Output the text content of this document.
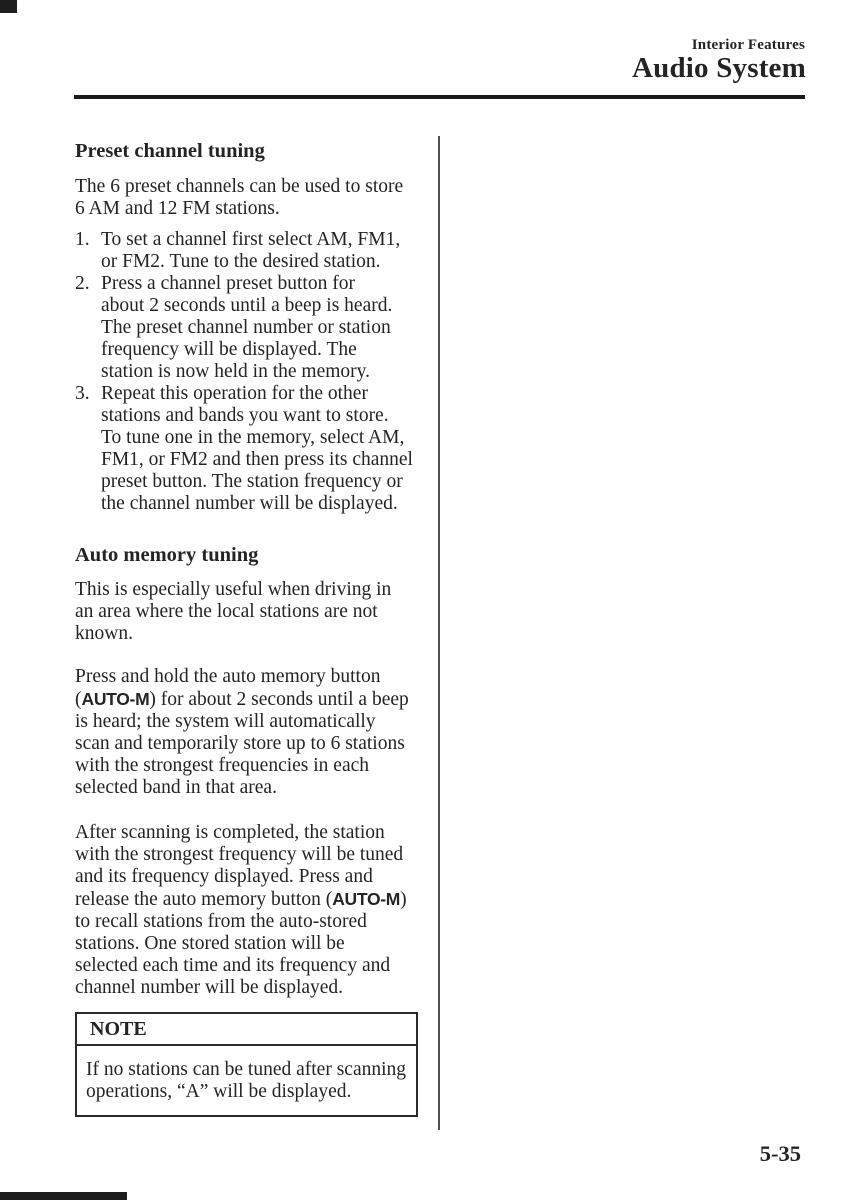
Interior Features
Audio System
Preset channel tuning
The 6 preset channels can be used to store
6 AM and 12 FM stations.
1. To set a channel first select AM, FM1,
or FM2. Tune to the desired station.
2. Press a channel preset button for
about 2 seconds until a beep is heard.
The preset channel number or station
frequency will be displayed. The
station is now held in the memory.
3. Repeat this operation for the other
stations and bands you want to store.
To tune one in the memory, select AM,
FM1, or FM2 and then press its channel
preset button. The station frequency or
the channel number will be displayed.
Auto memory tuning
This is especially useful when driving in
an area where the local stations are not
known.
Press and hold the auto memory button
(AUTO-M) for about 2 seconds until a beep
is heard; the system will automatically
scan and temporarily store up to 6 stations
with the strongest frequencies in each
selected band in that area.
After scanning is completed, the station
with the strongest frequency will be tuned
and its frequency displayed. Press and
release the auto memory button (AUTO-M)
to recall stations from the auto-stored
stations. One stored station will be
selected each time and its frequency and
channel number will be displayed.
NOTE
If no stations can be tuned after scanning
operations, “A” will be displayed.
5-35
